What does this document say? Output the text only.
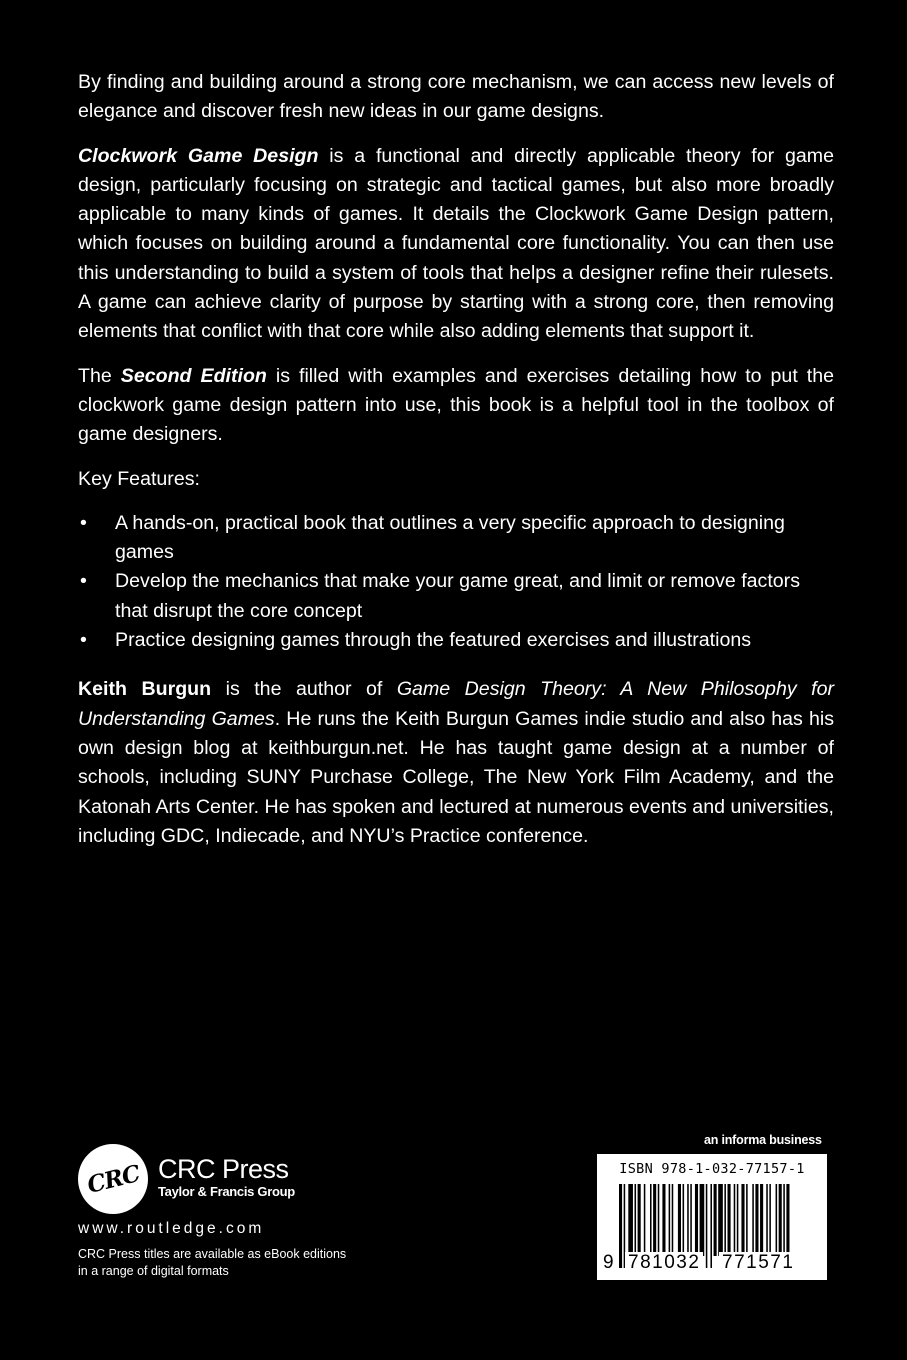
By finding and building around a strong core mechanism, we can access new levels of elegance and discover fresh new ideas in our game designs.

Clockwork Game Design is a functional and directly applicable theory for game design, particularly focusing on strategic and tactical games, but also more broadly applicable to many kinds of games. It details the Clockwork Game Design pattern, which focuses on building around a fundamental core functionality. You can then use this understanding to build a system of tools that helps a designer refine their rulesets. A game can achieve clarity of purpose by starting with a strong core, then removing elements that conflict with that core while also adding elements that support it.

The Second Edition is filled with examples and exercises detailing how to put the clockwork game design pattern into use, this book is a helpful tool in the toolbox of game designers.

Key Features:

• A hands-on, practical book that outlines a very specific approach to designing games
• Develop the mechanics that make your game great, and limit or remove factors that disrupt the core concept
• Practice designing games through the featured exercises and illustrations

Keith Burgun is the author of Game Design Theory: A New Philosophy for Understanding Games. He runs the Keith Burgun Games indie studio and also has his own design blog at keithburgun.net. He has taught game design at a number of schools, including SUNY Purchase College, The New York Film Academy, and the Katonah Arts Center. He has spoken and lectured at numerous events and universities, including GDC, Indiecade, and NYU’s Practice conference.

CRC CRC Press
Taylor & Francis Group
www.routledge.com
CRC Press titles are available as eBook editions in a range of digital formats
an informa business
ISBN 978-1-032-77157-1
9 781032 771571
